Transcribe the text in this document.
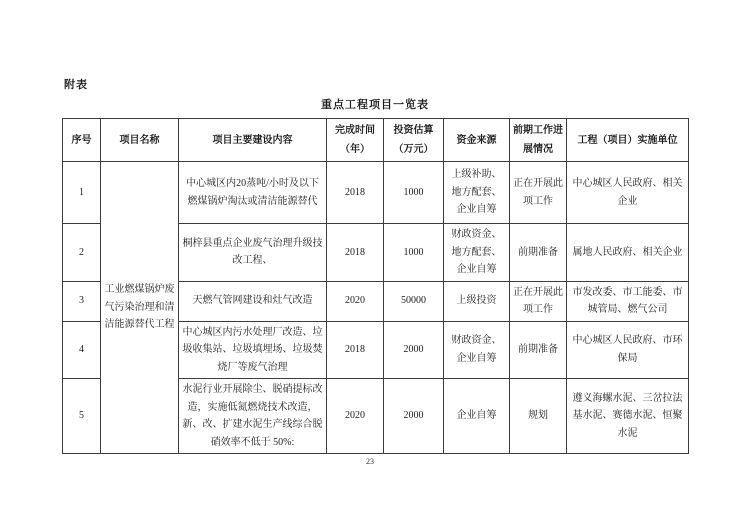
附表
重点工程项目一览表
序号	项目名称	项目主要建设内容	完成时间（年）	投资估算（万元）	资金来源	前期工作进展情况	工程（项目）实施单位
1	工业燃煤锅炉废气污染治理和清洁能源替代工程	中心城区内20蒸吨/小时及以下燃煤锅炉淘汰或清洁能源替代	2018	1000	上级补助、地方配套、企业自筹	正在开展此项工作	中心城区人民政府、相关企业
2		桐梓县重点企业废气治理升级技改工程、	2018	1000	财政资金、地方配套、企业自筹	前期准备	属地人民政府、相关企业
3		天燃气管网建设和灶气改造	2020	50000	上级投资	正在开展此项工作	市发改委、市工能委、市城管局、燃气公司
4		中心城区内污水处理厂改造、垃圾收集站、垃圾填埋场、垃圾焚烧厂等废气治理	2018	2000	财政资金、企业自筹	前期准备	中心城区人民政府、市环保局
5		水泥行业开展除尘、脱硝提标改造，实施低氮燃烧技术改造，新、改、扩建水泥生产线综合脱硝效率不低于 50%:	2020	2000	企业自筹	规划	遵义海螺水泥、三岔拉法基水泥、赛德水泥、恒聚水泥
23
